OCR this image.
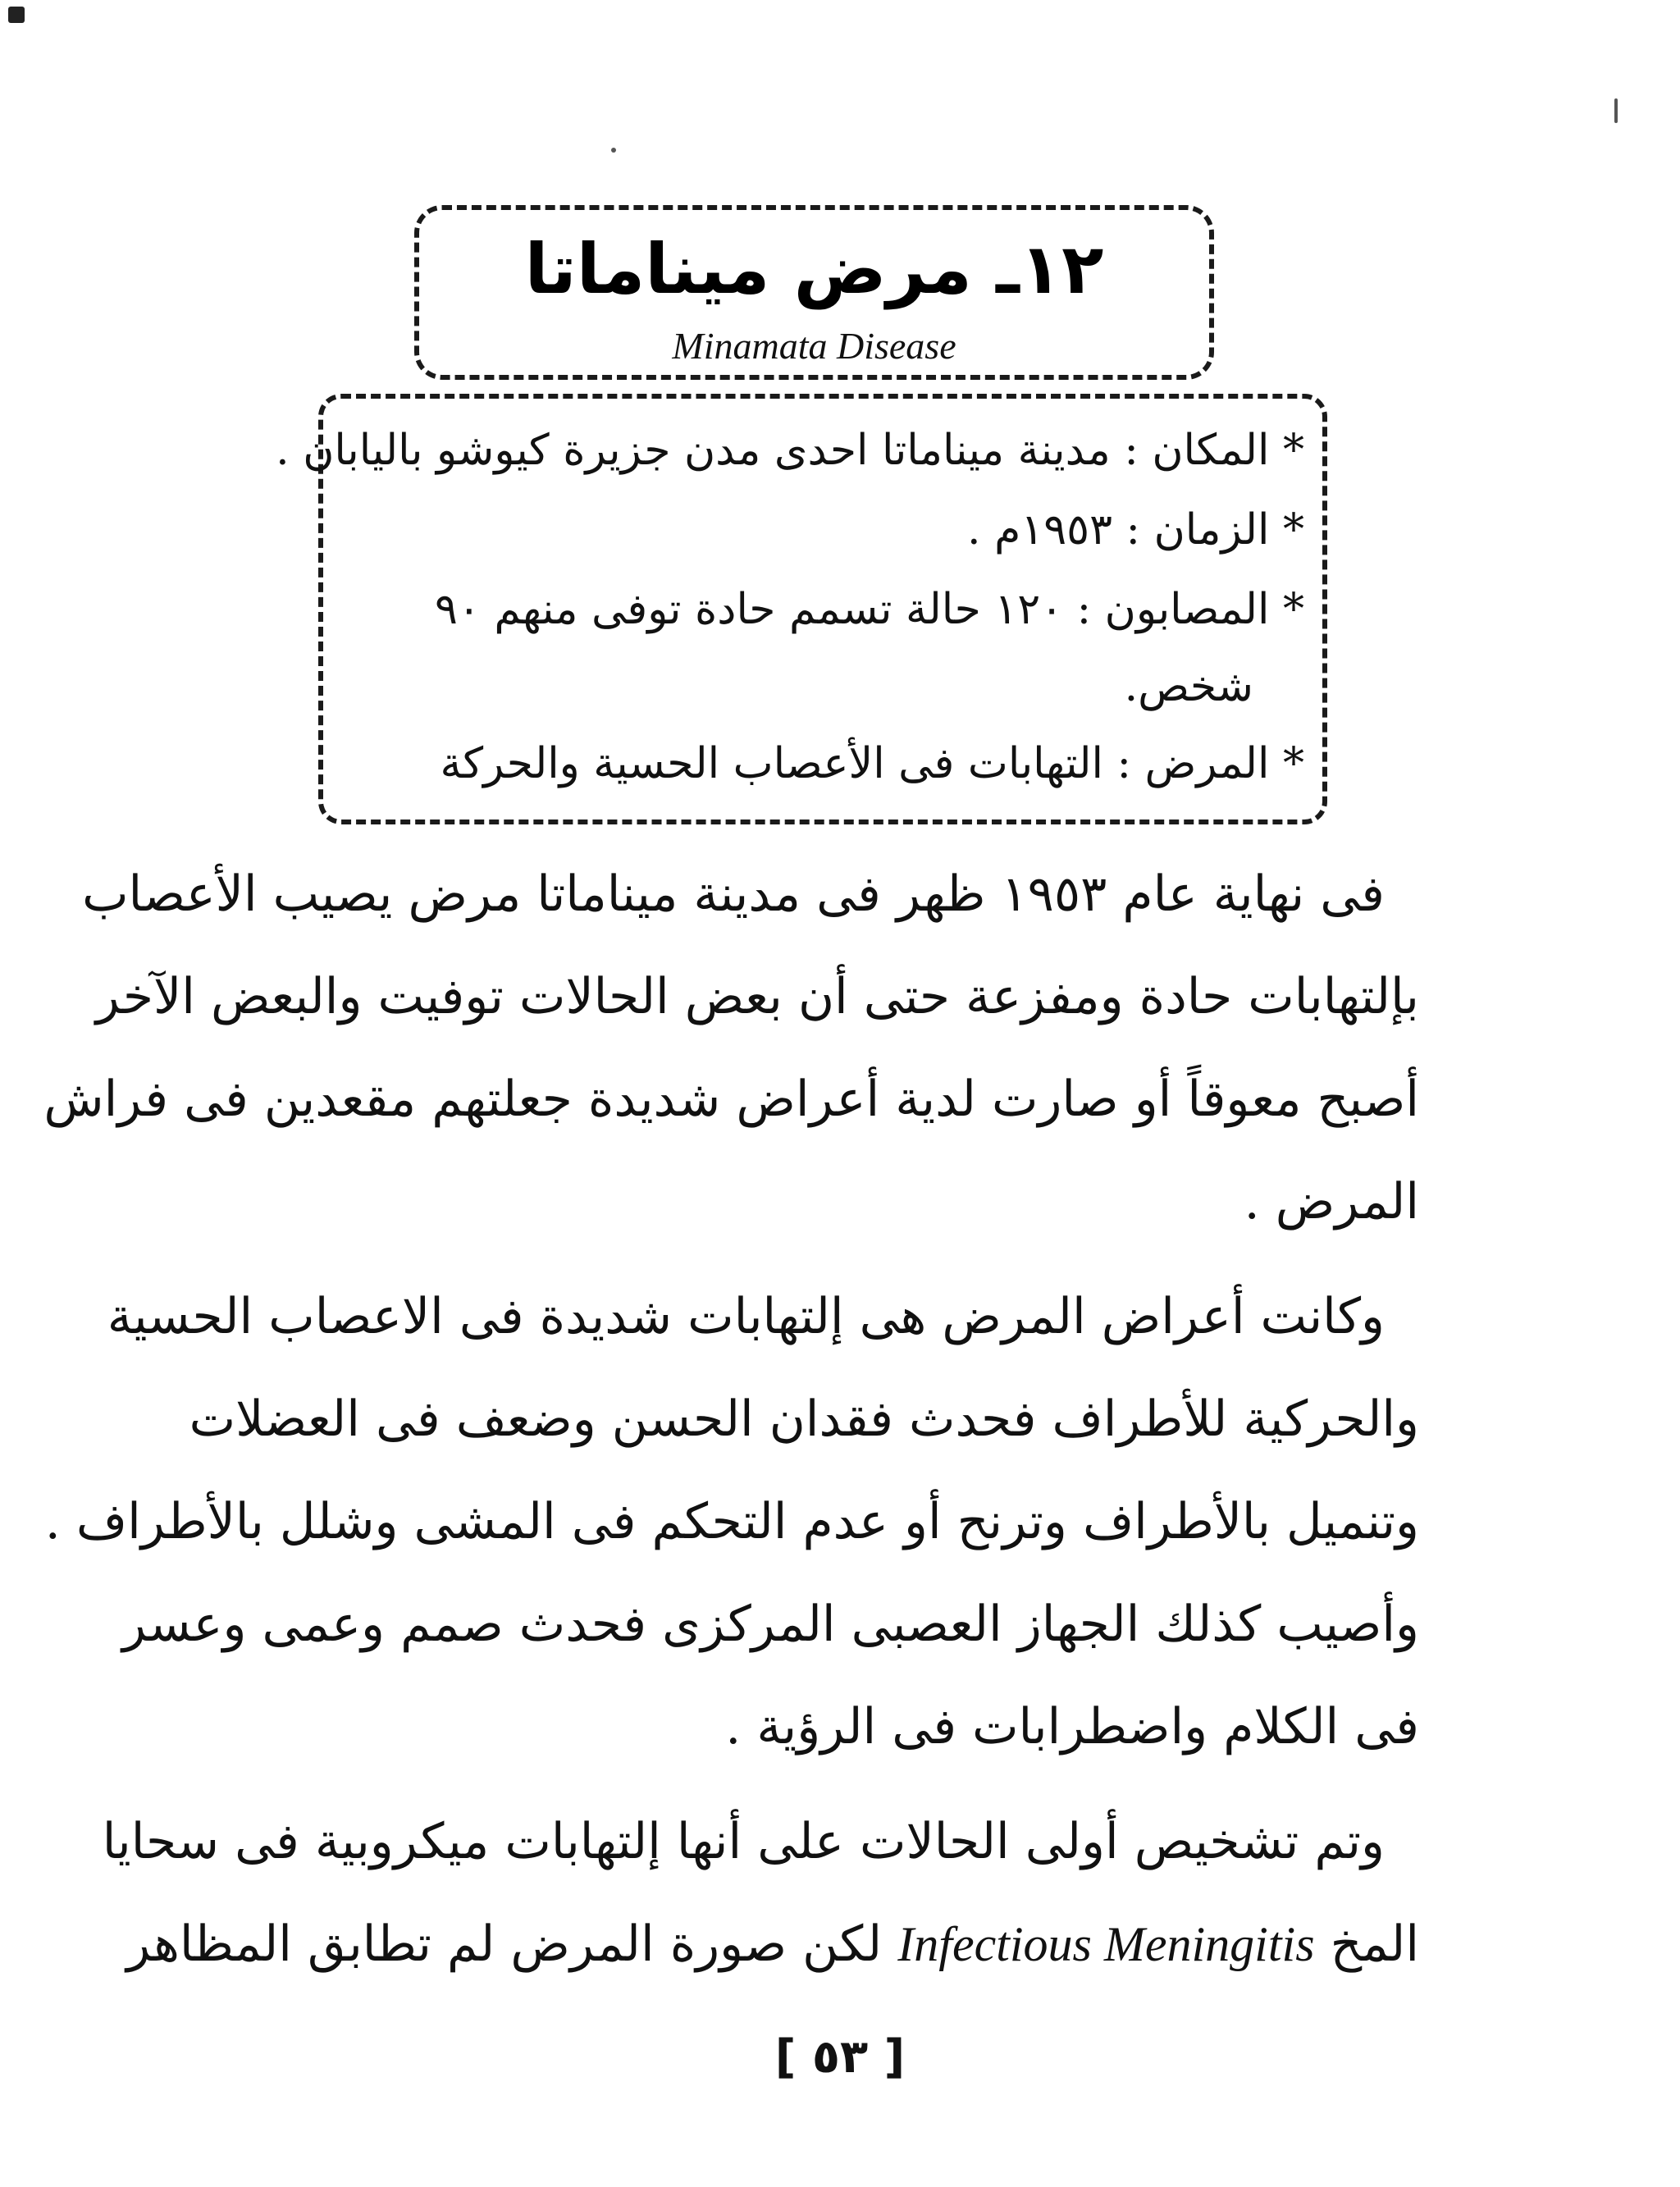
١٢ـ مرض ميناماتا
Minamata Disease
* المكان : مدينة ميناماتا احدى مدن جزيرة كيوشو باليابان .
* الزمان : ١٩٥٣م .
* المصابون : ١٢٠ حالة تسمم حادة توفى منهم ٩٠
شخص.
* المرض : التهابات فى الأعصاب الحسية والحركة
فى نهاية عام ١٩٥٣ ظهر فى مدينة ميناماتا مرض يصيب الأعصاب
بإلتهابات حادة ومفزعة حتى أن بعض الحالات توفيت والبعض الآخر
أصبح معوقاً أو صارت لدية أعراض شديدة جعلتهم مقعدين فى فراش
المرض .
وكانت أعراض المرض هى إلتهابات شديدة فى الاعصاب الحسية
والحركية للأطراف فحدث فقدان الحسن وضعف فى العضلات
وتنميل بالأطراف وترنح أو عدم التحكم فى المشى وشلل بالأطراف .
وأصيب كذلك الجهاز العصبى المركزى فحدث صمم وعمى وعسر
فى الكلام واضطرابات فى الرؤية .
وتم تشخيص أولى الحالات على أنها إلتهابات ميكروبية فى سحايا
المخ Infectious Meningitis لكن صورة المرض لم تطابق المظاهر
[ ٥٣ ]
